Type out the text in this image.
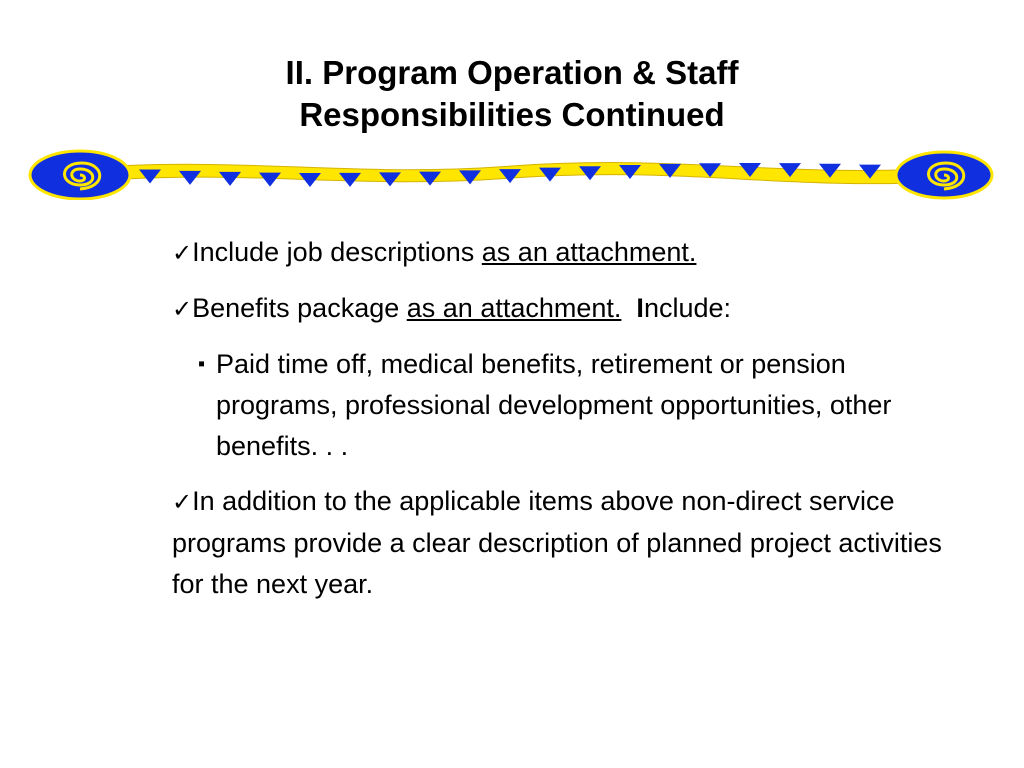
II. Program Operation & Staff
Responsibilities Continued

✓Include job descriptions as an attachment.

✓Benefits package as an attachment. Include:

▪ Paid time off, medical benefits, retirement or pension programs, professional development opportunities, other benefits. . .

✓In addition to the applicable items above non-direct service programs provide a clear description of planned project activities for the next year.
